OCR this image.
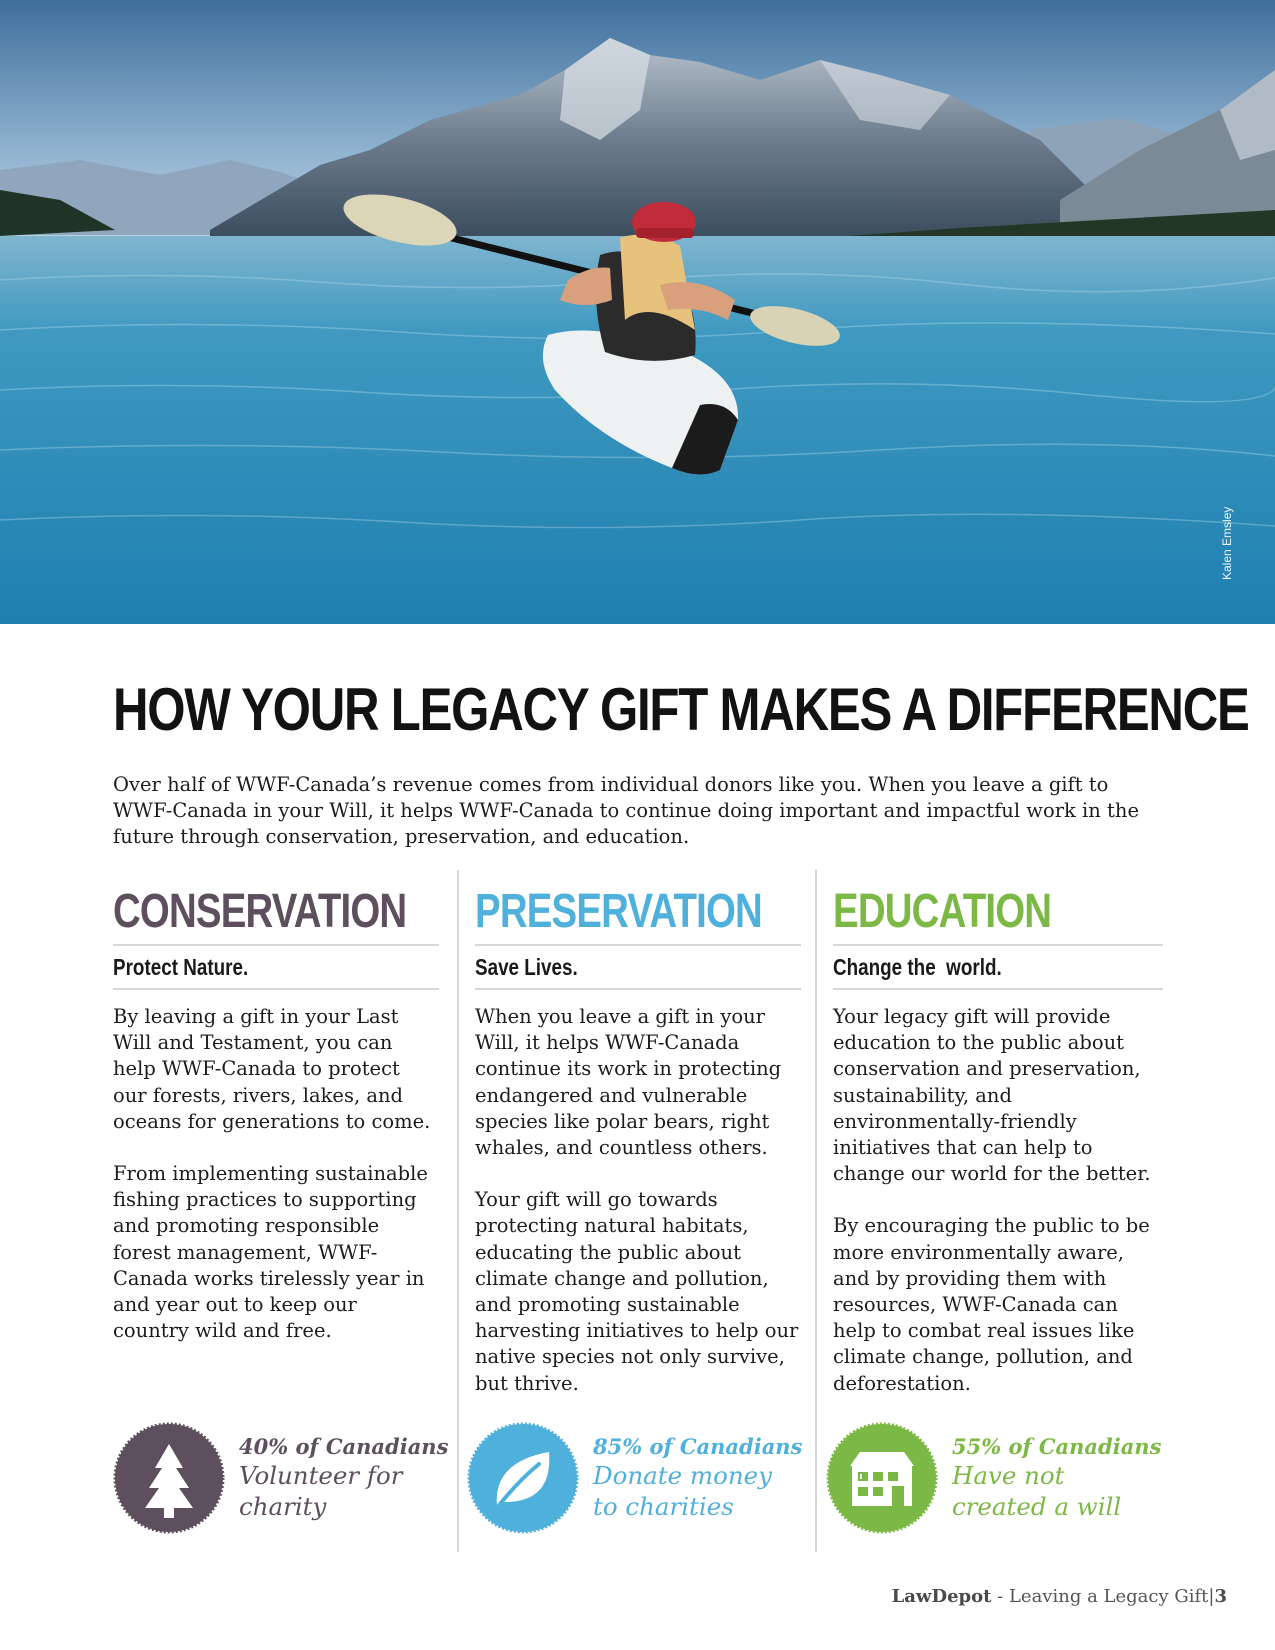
Kalen Emsley
HOW YOUR LEGACY GIFT MAKES A DIFFERENCE

Over half of WWF-Canada’s revenue comes from individual donors like you. When you leave a gift to WWF-Canada in your Will, it helps WWF-Canada to continue doing important and impactful work in the future through conservation, preservation, and education.

CONSERVATION
Protect Nature.

By leaving a gift in your Last Will and Testament, you can help WWF-Canada to protect our forests, rivers, lakes, and oceans for generations to come.

From implementing sustainable fishing practices to supporting and promoting responsible forest management, WWF-Canada works tirelessly year in and year out to keep our country wild and free.

PRESERVATION
Save Lives.

When you leave a gift in your Will, it helps WWF-Canada continue its work in protecting endangered and vulnerable species like polar bears, right whales, and countless others.

Your gift will go towards protecting natural habitats, educating the public about climate change and pollution, and promoting sustainable harvesting initiatives to help our native species not only survive, but thrive.

EDUCATION
Change the  world.

Your legacy gift will provide education to the public about conservation and preservation, sustainability, and environmentally-friendly initiatives that can help to change our world for the better.

By encouraging the public to be more environmentally aware, and by providing them with resources, WWF-Canada can help to combat real issues like climate change, pollution, and deforestation.

40% of Canadians
Volunteer for charity
85% of Canadians
Donate money to charities
55% of Canadians
Have not created a will
LawDepot - Leaving a Legacy Gift|3
